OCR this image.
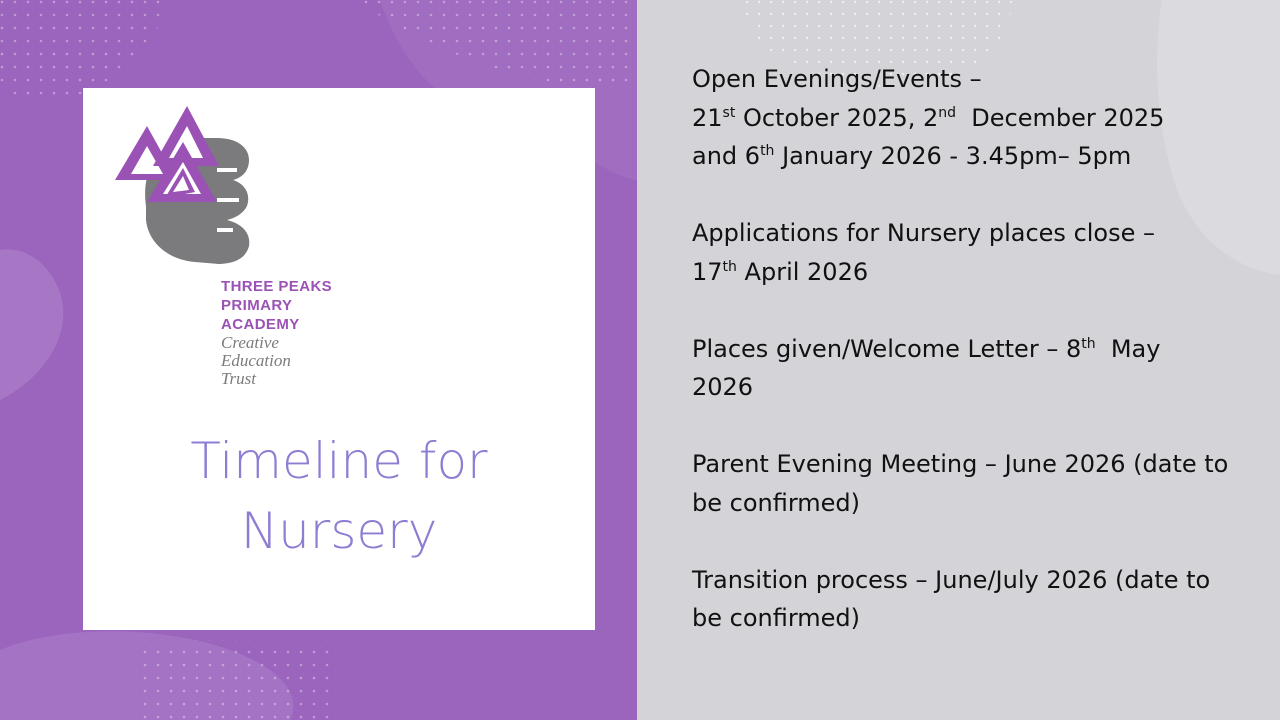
THREE PEAKS
PRIMARY
ACADEMY
Creative
Education
Trust
Timeline for
Nursery
Open Evenings/Events –
21st October 2025, 2nd  December 2025
and 6th January 2026 - 3.45pm– 5pm
Applications for Nursery places close –
17th April 2026
Places given/Welcome Letter – 8th  May 2026
Parent Evening Meeting – June 2026 (date to be confirmed)
Transition process – June/July 2026 (date to be confirmed)
